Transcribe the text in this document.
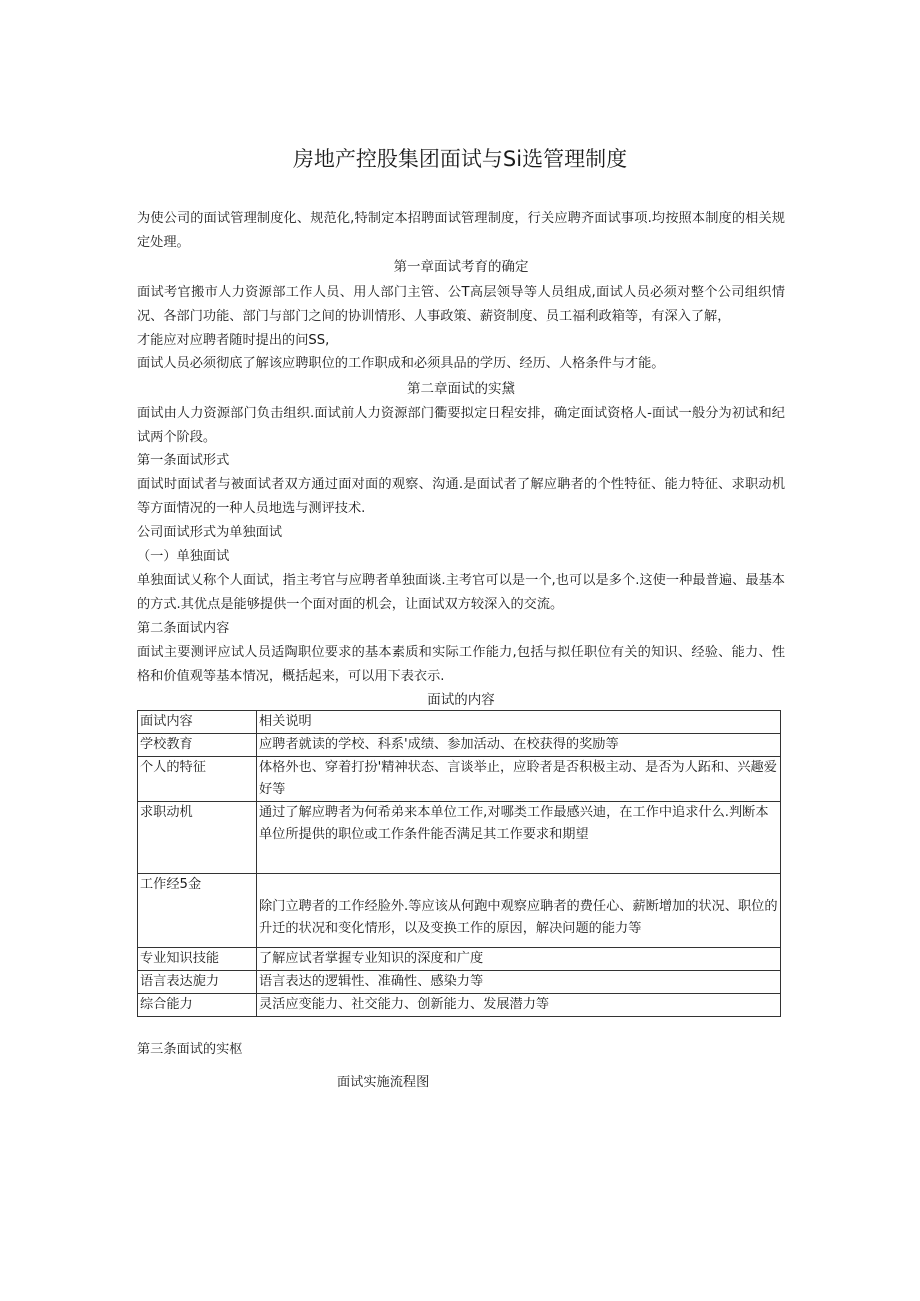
房地产控股集团面试与Si选管理制度

为使公司的面试管理制度化、规范化,特制定本招聘面试管理制度，行关应聘齐面试事项.均按照本制度的相关规定处理。

第一章面试考育的确定

面试考官搬市人力资源部工作人员、用人部门主管、公T高层领导等人员组成,面试人员必须对整个公司组织情况、各部门功能、部门与部门之间的协训情形、人事政策、薪资制度、员工福利政箱等，有深入了解，

才能应对应聘者随时提出的问SS,

面试人员必须彻底了解该应聘职位的工作职成和必须具品的学历、经历、人格条件与才能。

第二章面试的实黛

面试由人力资源部门负击组织.面试前人力资源部门衢要拟定日程安排，确定面试资格人-面试一般分为初试和纪试两个阶段。

第一条面试形式

面试时面试者与被面试者双方通过面对面的观察、沟通.是面试者了解应聃者的个性特征、能力特征、求职动机等方面情况的一种人员地选与测评技术.

公司面试形式为单独面试

（一）单独面试

单独面试乂称个人面试，指主考官与应聘者单独面谈.主考官可以是一个,也可以是多个.这使一种最普遍、最基本的方式.其优点是能够提供一个面对面的机会，让面试双方较深入的交流。

第二条面试内容

面试主要测评应试人员适陶职位要求的基本素质和实际工作能力,包括与拟任职位有关的知识、经验、能力、性格和价值观等基本情况，概括起来，可以用下表衣示.

面试的内容
面试内容	相关说明
学校教育	应聘者就读的学校、科系'成绩、参加活动、在校获得的奖励等
个人的特征	体格外也、穿着打扮'精神状态、言谈举止，应聆者是否积极主动、是否为人跖和、兴趣爱好等
求职动机	通过了解应聘者为何希弟来本单位工作,对哪类工作最感兴迪，在工作中追求什么.判断本单位所提供的职位或工作条件能否满足其工作要求和期望
工作经5金	除门立聘者的工作经脸外.等应该从何跑中观察应聃者的费任心、薪断增加的状况、职位的升迁的状况和变化情形，以及变换工作的原因，解决问题的能力等
专业知识技能	了解应试者掌握专业知识的深度和广度
语言表达旎力	语言表达的逻辑性、准确性、感染力等
综合能力	灵活应变能力、社交能力、创新能力、发展潜力等

第三条面试的实枢

面试实施流程图
